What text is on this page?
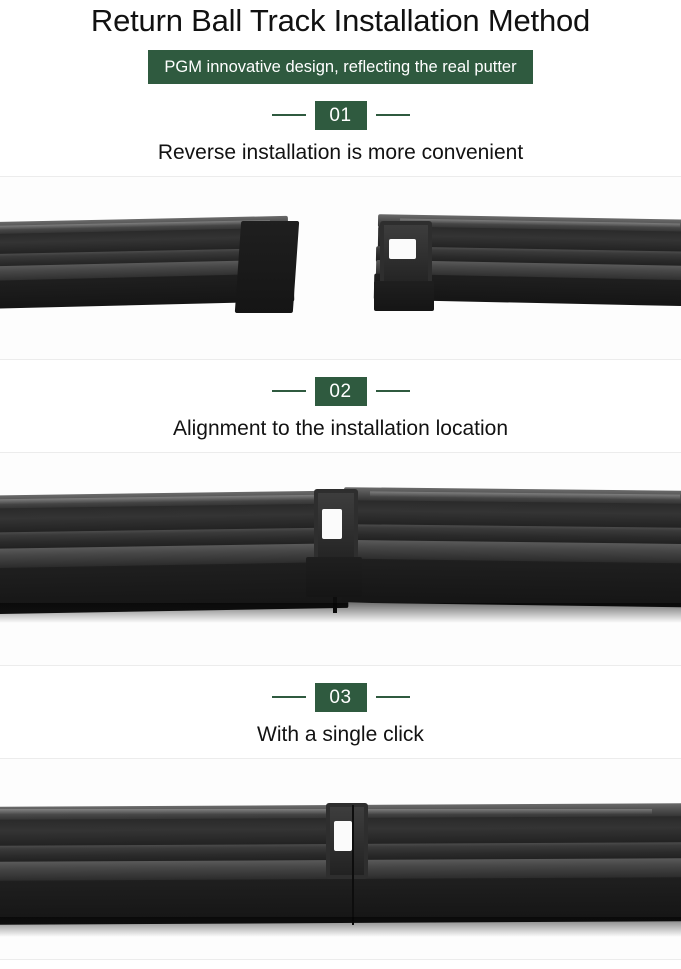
Return Ball Track Installation Method
PGM innovative design, reflecting the real putter
01
Reverse installation is more convenient
02
Alignment to the installation location
03
With a single click
